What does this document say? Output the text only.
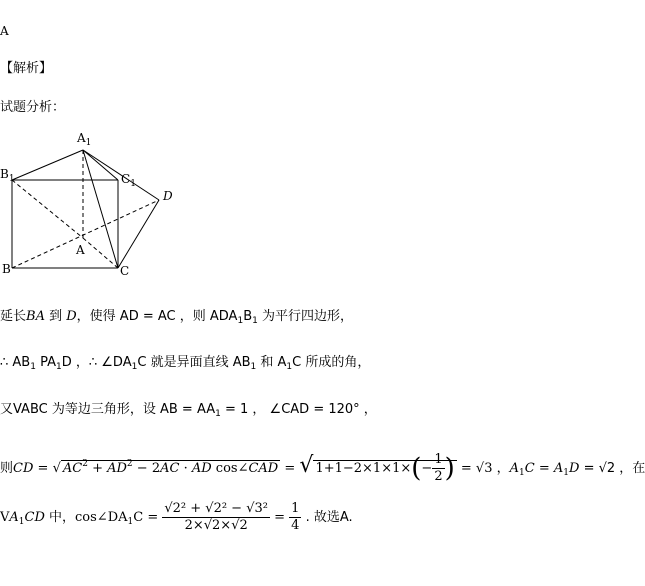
A
【解析】
试题分析：
$A_1$
$B_1$	$C_1$
A
B	C
D
延长BA 到 D，使得 AD = AC ，则 $ADA_1B_1$ 为平行四边形，
∴ $AB_1$ $PA_1D$ ，∴ $\angle DA_1C$ 就是异面直线 $AB_1$ 和 $A_1C$ 所成的角，
又VABC 为等边三角形，设 AB = $AA_1 = 1$ ， ∠CAD = 120° ，
则CD = √ $AC^2 + AD^2 - 2AC$ · AD cos∠CAD = √ $1+1-2\times 1\times 1\times(- \frac{1}{2}$ ) = √3 ，$A_1C = A_1D = √2$ ，在
$VA_1CD$ 中，$\cos\angle DA_1C = \frac{\text{√2² + √2² − √3²}}{2\times√2\times√2} = \frac{1}{4}$ . 故选A.
